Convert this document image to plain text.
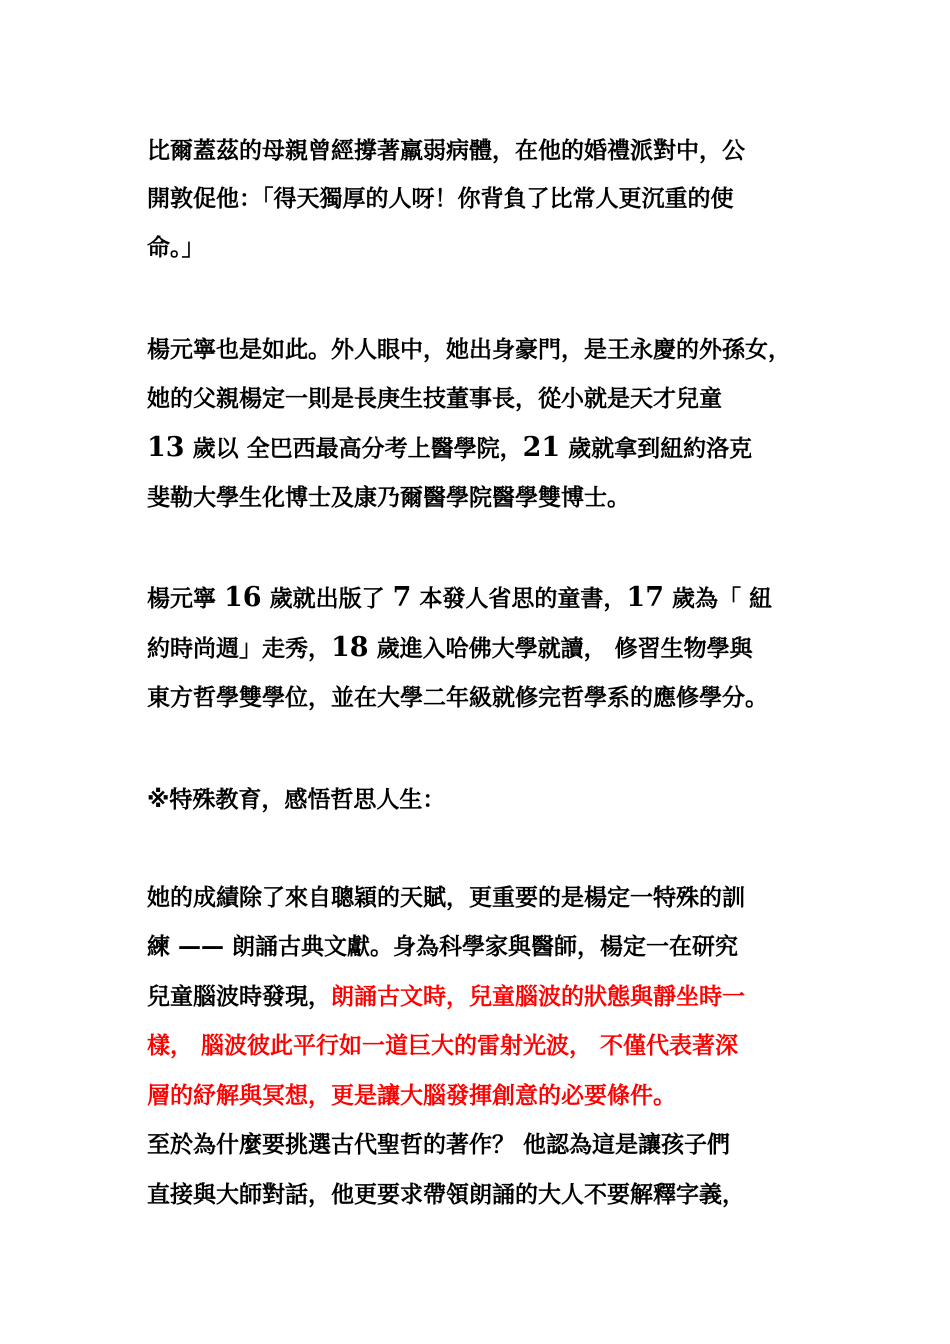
比爾蓋茲的母親曾經撐著羸弱病體，在他的婚禮派對中，公
開敦促他：「得天獨厚的人呀！你背負了比常人更沉重的使
命。」
楊元寧也是如此。外人眼中，她出身豪門，是王永慶的外孫女，
她的父親楊定一則是長庚生技董事長，從小就是天才兒童
13 歲以 全巴西最高分考上醫學院，21 歲就拿到紐約洛克
斐勒大學生化博士及康乃爾醫學院醫學雙博士。
楊元寧 16 歲就出版了 7 本發人省思的童書，17 歲為「 紐
約時尚週」走秀，18 歲進入哈佛大學就讀， 修習生物學與
東方哲學雙學位，並在大學二年級就修完哲學系的應修學分。
※特殊教育，感悟哲思人生：
她的成績除了來自聰穎的天賦，更重要的是楊定一特殊的訓
練 —— 朗誦古典文獻。身為科學家與醫師，楊定一在研究
兒童腦波時發現，朗誦古文時，兒童腦波的狀態與靜坐時一
樣， 腦波彼此平行如一道巨大的雷射光波， 不僅代表著深
層的紓解與冥想，更是讓大腦發揮創意的必要條件。
至於為什麼要挑選古代聖哲的著作？ 他認為這是讓孩子們
直接與大師對話，他更要求帶領朗誦的大人不要解釋字義，
